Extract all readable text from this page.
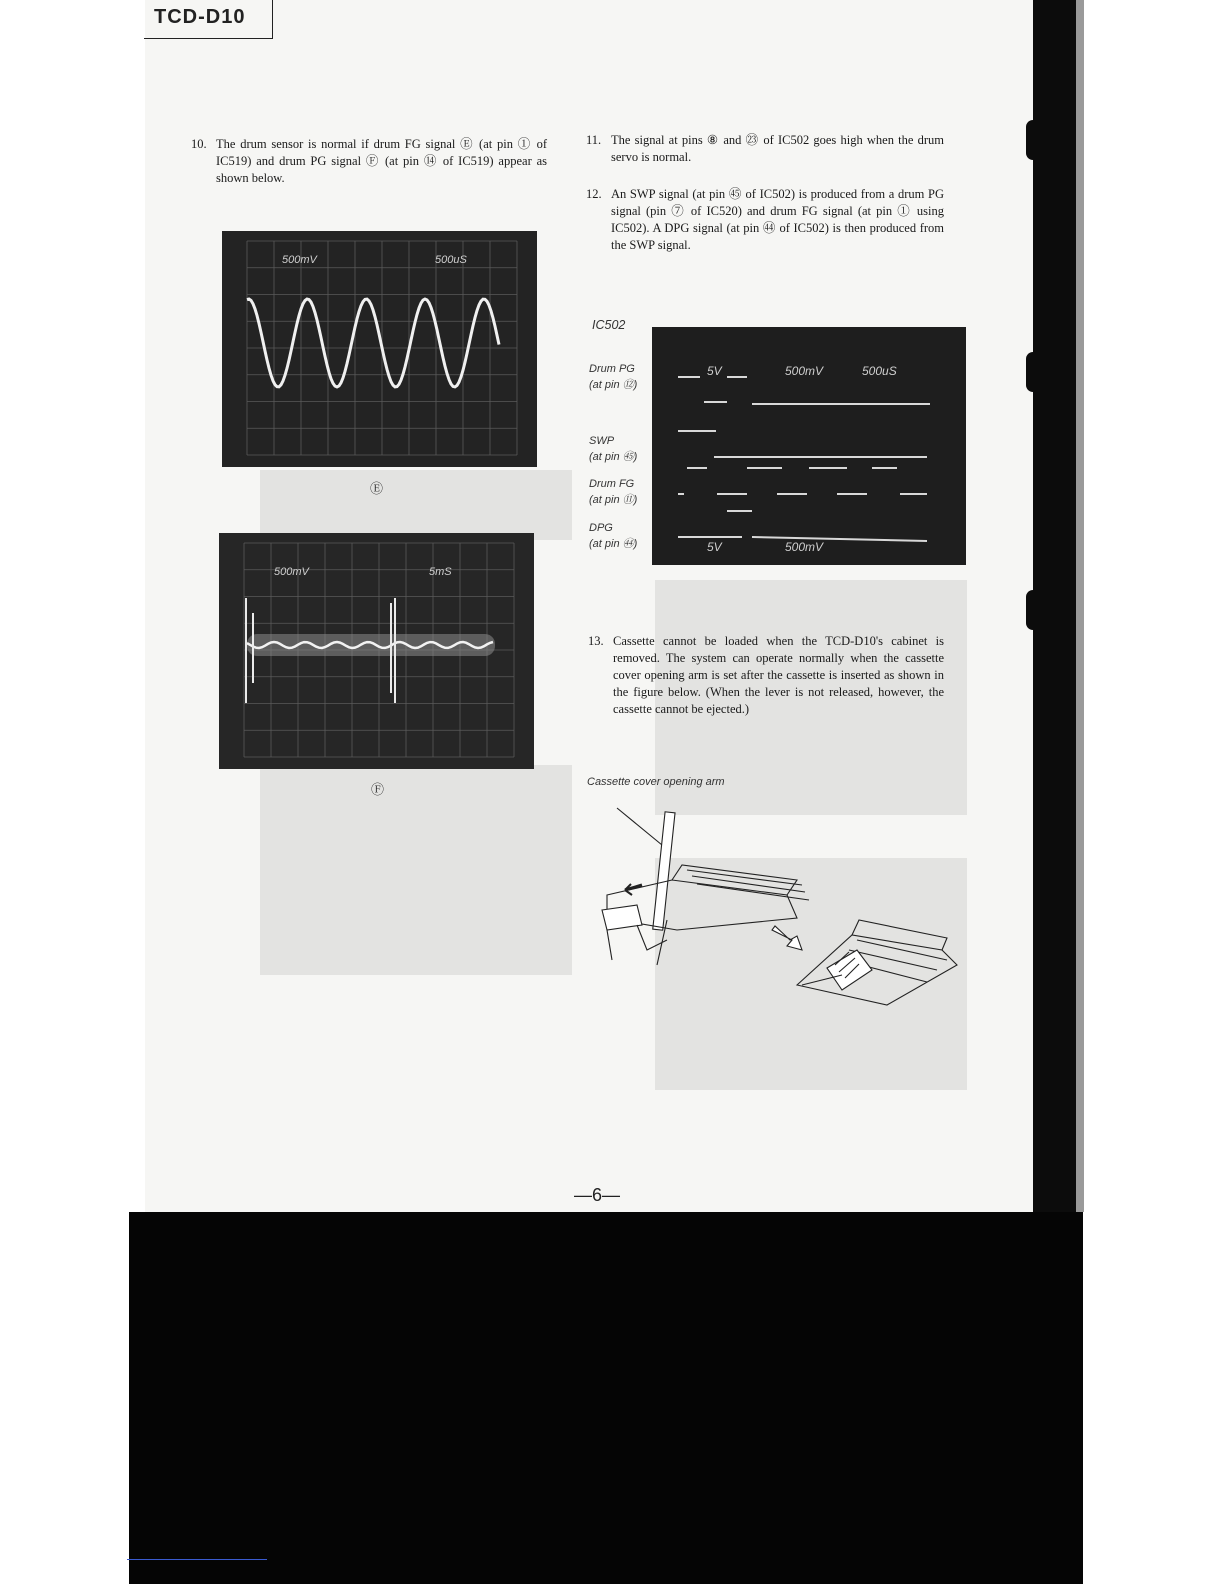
TCD-D10
10. The drum sensor is normal if drum FG signal Ⓔ (at pin ① of IC519) and drum PG signal Ⓕ (at pin ⑭ of IC519) appear as shown below.
500mV	500uS
Ⓔ
500mV	5mS
Ⓕ
11. The signal at pins ⑧ and ㉓ of IC502 goes high when the drum servo is normal.
12. An SWP signal (at pin ㊺ of IC502) is produced from a drum PG signal (pin ⑦ of IC520) and drum FG signal (at pin ① using IC502). A DPG signal (at pin ㊹ of IC502) is then produced from the SWP signal.
IC502
Drum PG
(at pin ⑫)
SWP
(at pin ㊺)
Drum FG
(at pin ⑪)
DPG
(at pin ㊹)
5V	500mV	500uS
5V	500mV
13. Cassette cannot be loaded when the TCD-D10's cabinet is removed. The system can operate normally when the cassette cover opening arm is set after the cassette is inserted as shown in the figure below. (When the lever is not released, however, the cassette cannot be ejected.)
Cassette cover opening arm
—6—
